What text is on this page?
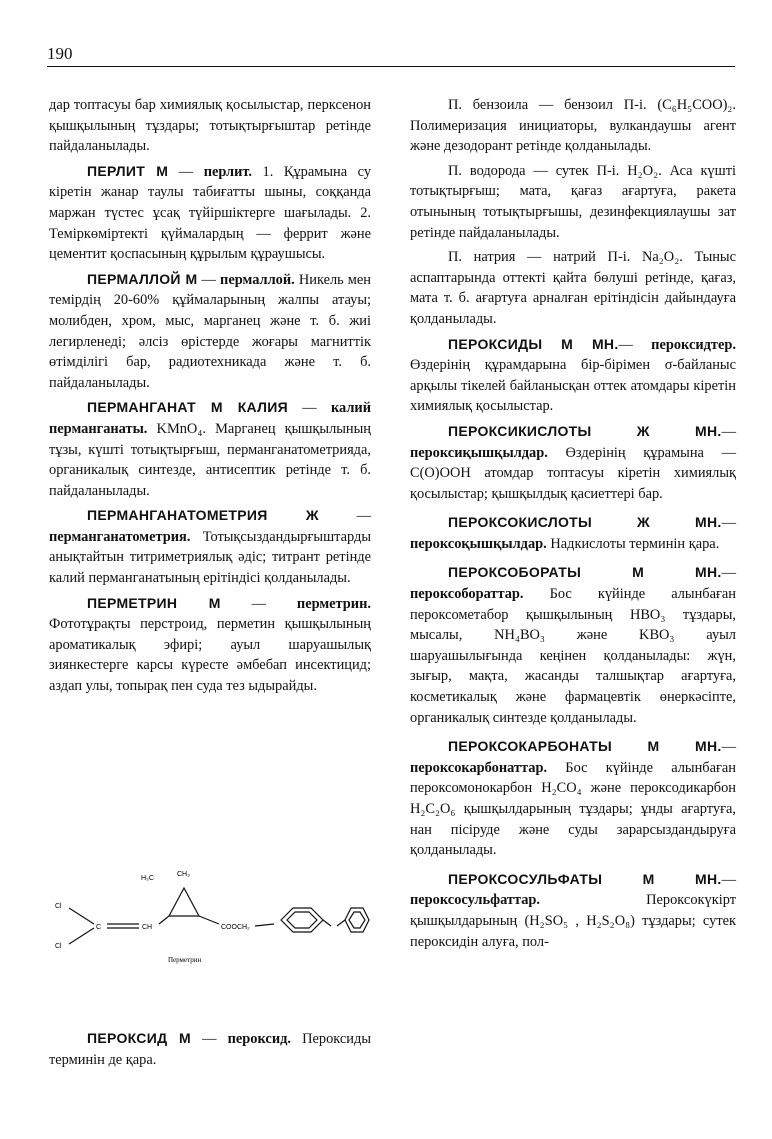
190

дар топтасуы бар химиялық қосылыстар, перксенон қышқылының тұздары; тотықтырғыштар ретінде пайдаланылады.

ПЕРЛИТ М — перлит. 1. Құрамына су кіретін жанар таулы табиғатты шыны, соққанда маржан түстес ұсақ түйіршіктерге шағылады. 2. Теміркөміртекті қүймалардың — феррит және цементит қоспасының құрылым құраушысы.

ПЕРМАЛЛОЙ М — пермаллой. Никель мен темірдің 20-60% құймаларының жалпы атауы; молибден, хром, мыс, марганец және т. б. жиі легирленеді; әлсіз өрістерде жоғары магниттік өтімділігі бар, радиотехникада және т. б. пайдаланылады.

ПЕРМАНГАНАТ М КАЛИЯ — калий перманганаты. KMnO₄. Марганец қышқылының тұзы, күшті тотықтырғыш, перманганатометрияда, органикалық синтезде, антисептик ретінде т. б. пайдаланылады.

ПЕРМАНГАНАТОМЕТРИЯ Ж — перманганатометрия. Тотықсыздандырғыштарды анықтайтын титриметриялық әдіс; титрант ретінде калий перманганатының ерітіндісі қолданылады.

ПЕРМЕТРИН М — перметрин. Фототұрақты перстроид, перметин қышқылының ароматикалық эфирі; ауыл шаруашылық зиянкестерге карсы күресте әмбебап инсектицид; аздап улы, топырақ пен суда тез ыдырайды.

Cl
Cl
C	CH
H₃C
CH₃
COOCH₂
Перметрин

ПЕРОКСИД М — пероксид. Пероксиды терминін де қара.

П. бензоила — бензоил П-і. (C₆H₅COO)₂. Полимеризация инициаторы, вулкандаушы агент және дезодорант ретінде қолданылады.

П. водорода — сутек П-і. H₂O₂. Аса күшті тотықтырғыш; мата, қағаз ағартуға, ракета отынының тотықтырғышы, дезинфекциялаушы зат ретінде пайдаланылады.

П. натрия — натрий П-і. Na₂O₂. Тыныс аспаптарында оттекті қайта бөлуші ретінде, қағаз, мата т. б. ағартуға арналған ерітіндісін дайындауға қолданылады.

ПЕРОКСИДЫ М МН.— пероксидтер. Өздерінің құрамдарына бір-бірімен σ-байланыс арқылы тікелей байланысқан оттек атомдары кіретін химиялық қосылыстар.

ПЕРОКСИКИСЛОТЫ Ж МН.— пероксиқышқылдар. Өздерінің құрамына — C(O)OOH атомдар топтасуы кіретін химиялық қосылыстар; қышқылдық қасиеттері бар.

ПЕРОКСОКИСЛОТЫ Ж МН.— пероксоқышқылдар. Надкислоты терминін қара.

ПЕРОКСОБОРАТЫ М МН.— пероксобораттар. Бос күйінде алынбаған пероксометабор қышқылының HBO₃ тұздары, мысалы, NH₄BO₃ және KBO₃ ауыл шаруашылығында кеңінен қолданылады: жүн, зығыр, мақта, жасанды талшықтар ағартуға, косметикалық және фармацевтік өнеркәсіпте, органикалық синтезде қолданылады.

ПЕРОКСОКАРБОНАТЫ М МН.— пероксокарбонаттар. Бос күйінде алынбаған пероксомонокарбон H₂CO₄ және пероксодикарбон H₂C₂O₆ қышқылдарының тұздары; ұнды ағартуға, нан пісіруде және суды зарарсыздандыруға қолданылады.

ПЕРОКСОСУЛЬФАТЫ М МН.— пероксосульфаттар. Пероксокүкірт қышқылдарының (H₂SO₅ , H₂S₂O₈) тұздары; сутек пероксидін алуға, пол-
